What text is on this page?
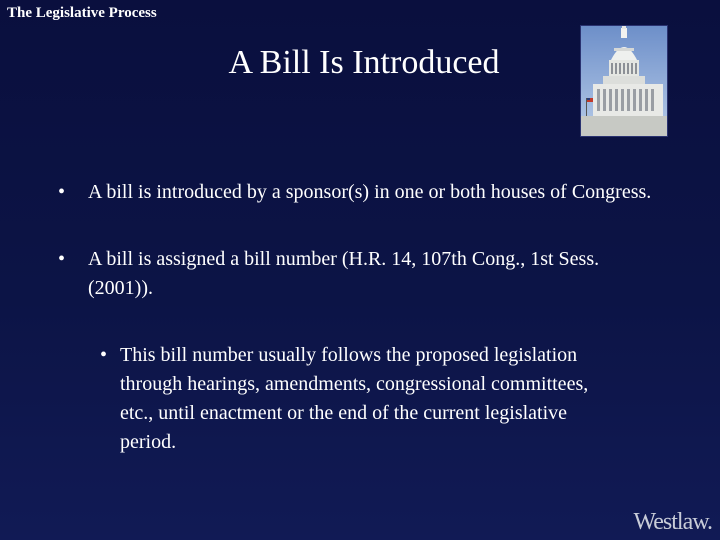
The Legislative Process
A Bill Is Introduced

• A bill is introduced by a sponsor(s) in one or both houses of Congress.

• A bill is assigned a bill number (H.R. 14, 107th Cong., 1st Sess. (2001)).

• This bill number usually follows the proposed legislation through hearings, amendments, congressional committees, etc., until enactment or the end of the current legislative period.

Westlaw.
